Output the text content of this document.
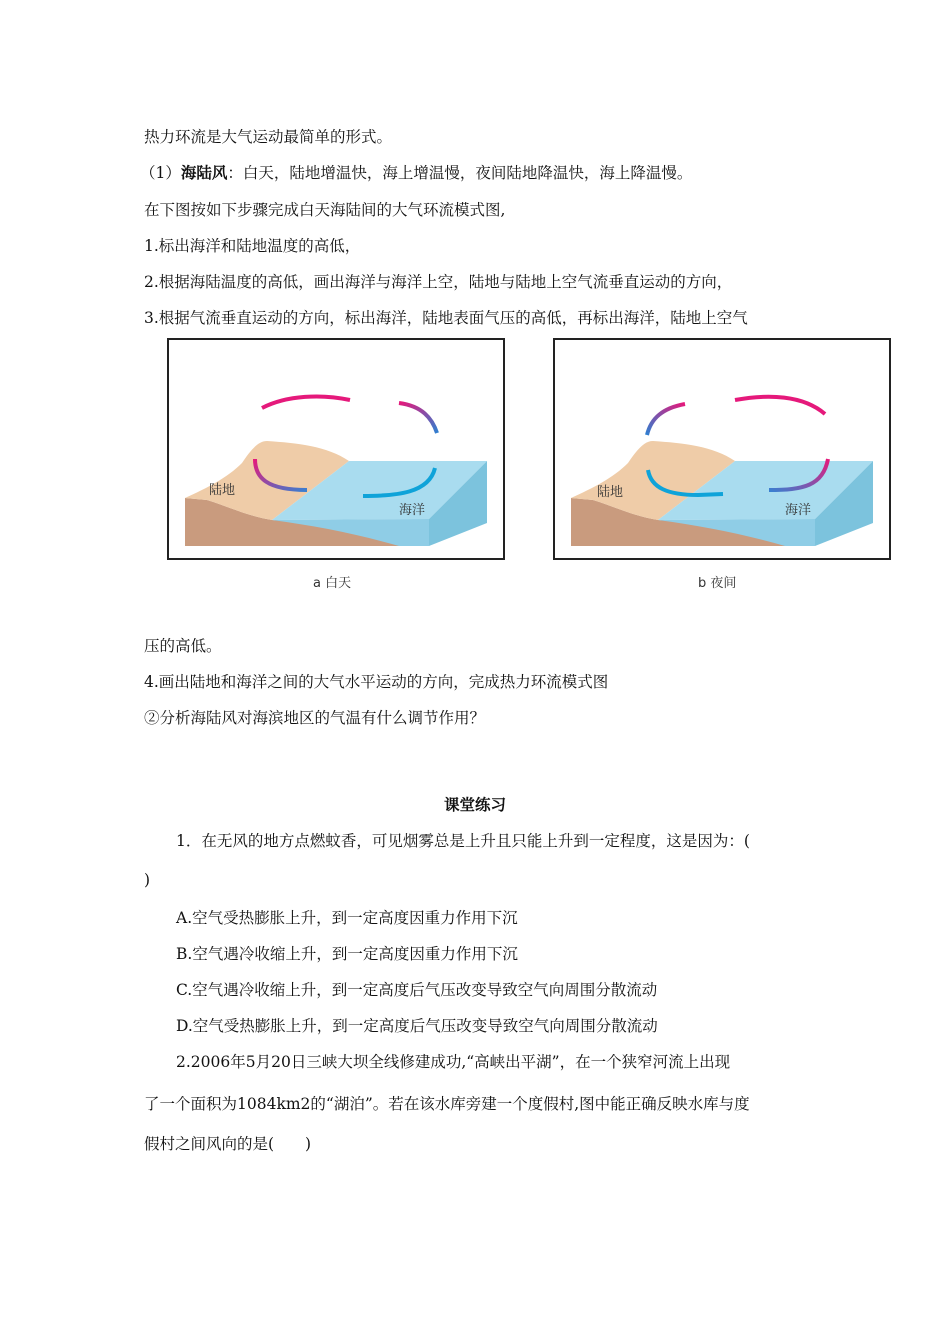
热力环流是大气运动最简单的形式。
（1）海陆风：白天，陆地增温快，海上增温慢，夜间陆地降温快，海上降温慢。
在下图按如下步骤完成白天海陆间的大气环流模式图,
1.标出海洋和陆地温度的高低，
2.根据海陆温度的高低，画出海洋与海洋上空，陆地与陆地上空气流垂直运动的方向，
3.根据气流垂直运动的方向，标出海洋，陆地表面气压的高低，再标出海洋，陆地上空气
陆地
海洋
a 白天
陆地
海洋
b 夜间
压的高低。
4.画出陆地和海洋之间的大气水平运动的方向，完成热力环流模式图
②分析海陆风对海滨地区的气温有什么调节作用？
课堂练习
1．在无风的地方点燃蚊香，可见烟雾总是上升且只能上升到一定程度，这是因为：(
)
A.空气受热膨胀上升，到一定高度因重力作用下沉
B.空气遇冷收缩上升，到一定高度因重力作用下沉
C.空气遇冷收缩上升，到一定高度后气压改变导致空气向周围分散流动
D.空气受热膨胀上升，到一定高度后气压改变导致空气向周围分散流动
2.2006年5月20日三峡大坝全线修建成功,“高峡出平湖”，在一个狭窄河流上出现
了一个面积为1084km2的“湖泊”。若在该水库旁建一个度假村,图中能正确反映水库与度
假村之间风向的是(　　)
